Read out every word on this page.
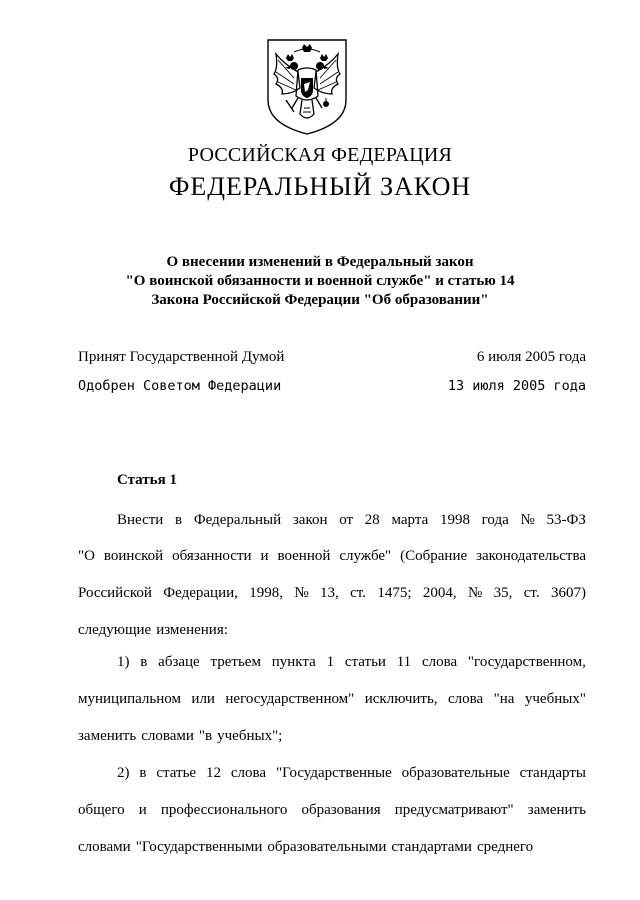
РОССИЙСКАЯ ФЕДЕРАЦИЯ
ФЕДЕРАЛЬНЫЙ ЗАКОН
О внесении изменений в Федеральный закон
"О воинской обязанности и военной службе" и статью 14
Закона Российской Федерации "Об образовании"
Принят Государственной Думой	6 июля 2005 года
Одобрен Советом Федерации	13 июля 2005 года
Статья 1
Внести в Федеральный закон от 28 марта 1998 года № 53-ФЗ
"О воинской обязанности и военной службе" (Собрание законодательства
Российской Федерации, 1998, № 13, ст. 1475; 2004, № 35, ст. 3607)
следующие изменения:
1) в абзаце третьем пункта 1 статьи 11 слова "государственном,
муниципальном или негосударственном" исключить, слова "на учебных"
заменить словами "в учебных";
2) в статье 12 слова "Государственные образовательные стандарты
общего и профессионального образования предусматривают" заменить
словами "Государственными образовательными стандартами среднего
